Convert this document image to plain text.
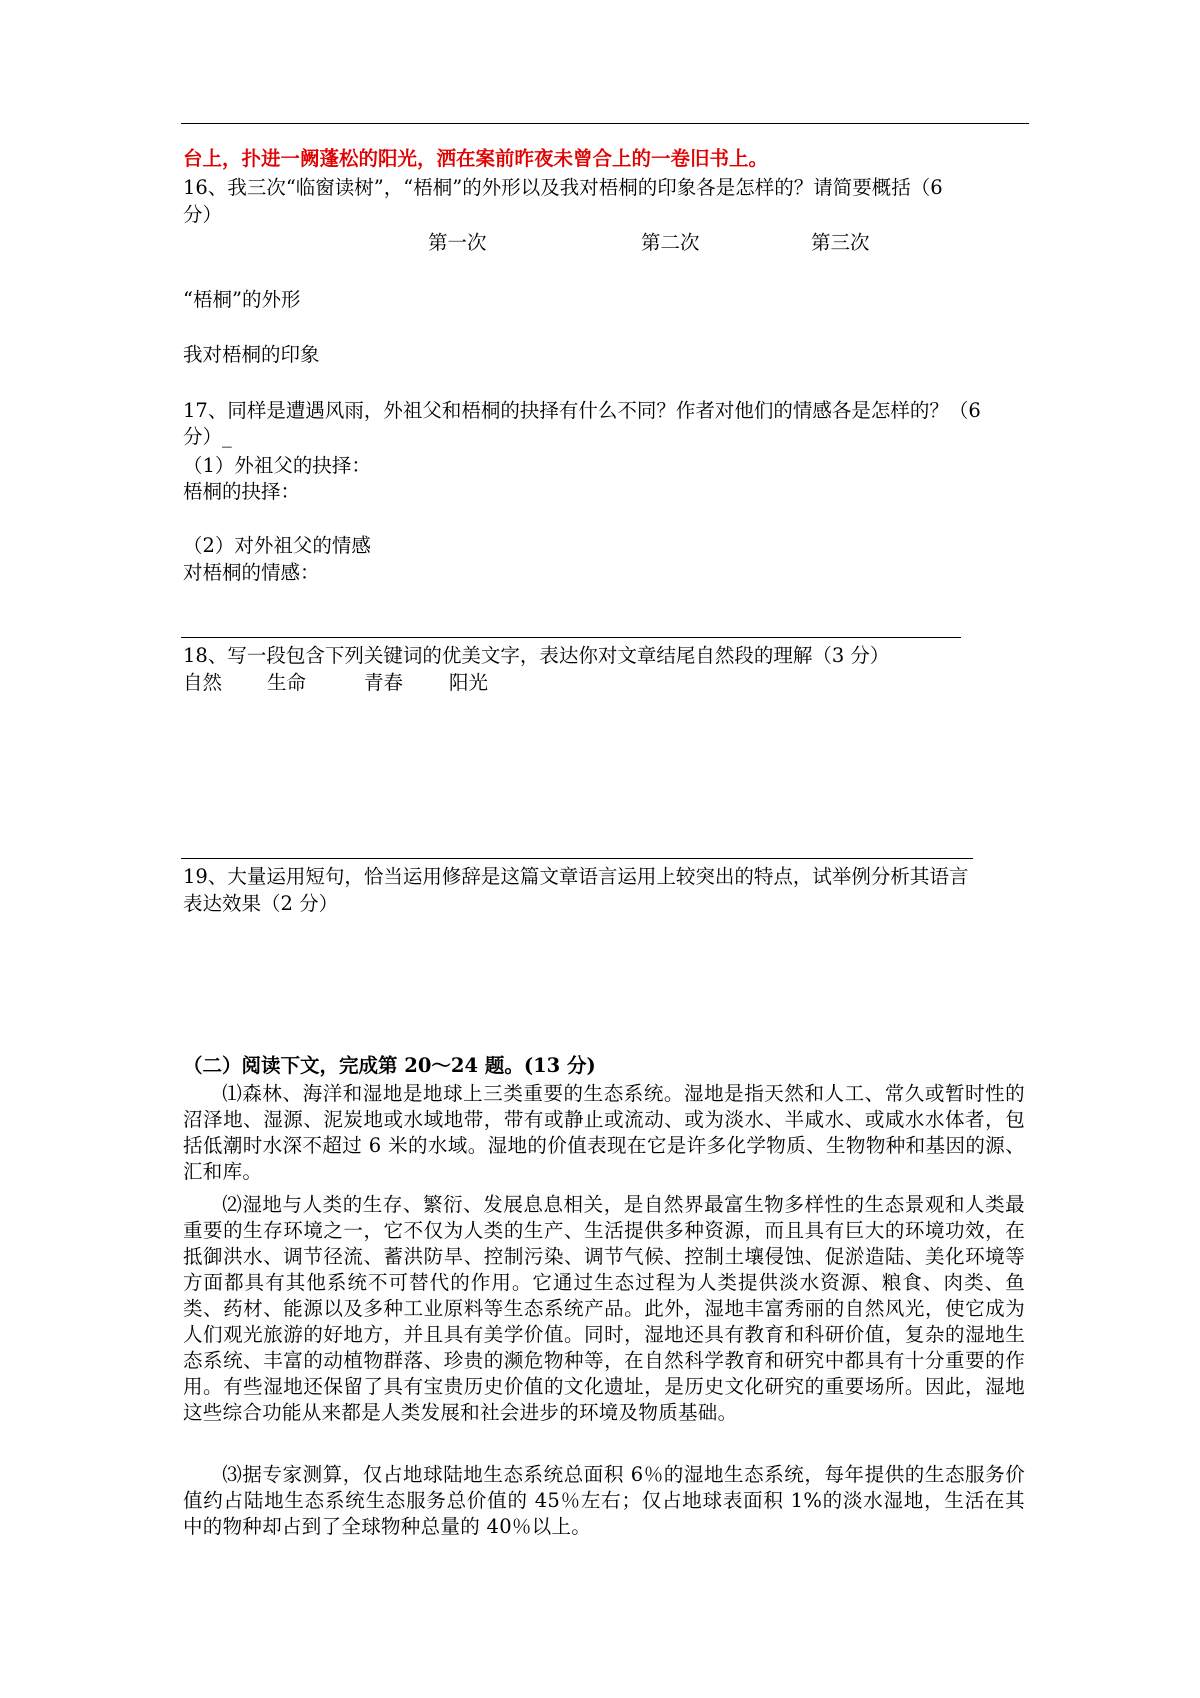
台上，扑进一阙蓬松的阳光，洒在案前昨夜未曾合上的一卷旧书上。
16、我三次“临窗读树”，“梧桐”的外形以及我对梧桐的印象各是怎样的？请简要概括（6
分）
第一次	第二次	第三次
“梧桐”的外形
我对梧桐的印象
17、同样是遭遇风雨，外祖父和梧桐的抉择有什么不同？作者对他们的情感各是怎样的？（6
分）_
（1）外祖父的抉择：
梧桐的抉择：
（2）对外祖父的情感
对梧桐的情感：
18、写一段包含下列关键词的优美文字，表达你对文章结尾自然段的理解（3 分）
自然 生命	青春 阳光
19、大量运用短句，恰当运用修辞是这篇文章语言运用上较突出的特点，试举例分析其语言
表达效果（2 分）
（二）阅读下文，完成第 20～24 题。(13 分)
⑴森林、海洋和湿地是地球上三类重要的生态系统。湿地是指天然和人工、常久或暂时性的沼泽地、湿源、泥炭地或水域地带，带有或静止或流动、或为淡水、半咸水、或咸水水体者，包括低潮时水深不超过 6 米的水域。湿地的价值表现在它是许多化学物质、生物物种和基因的源、汇和库。
⑵湿地与人类的生存、繁衍、发展息息相关，是自然界最富生物多样性的生态景观和人类最重要的生存环境之一，它不仅为人类的生产、生活提供多种资源，而且具有巨大的环境功效，在抵御洪水、调节径流、蓄洪防旱、控制污染、调节气候、控制土壤侵蚀、促淤造陆、美化环境等方面都具有其他系统不可替代的作用。它通过生态过程为人类提供淡水资源、粮食、肉类、鱼类、药材、能源以及多种工业原料等生态系统产品。此外，湿地丰富秀丽的自然风光，使它成为人们观光旅游的好地方，并且具有美学价值。同时，湿地还具有教育和科研价值，复杂的湿地生态系统、丰富的动植物群落、珍贵的濒危物种等，在自然科学教育和研究中都具有十分重要的作用。有些湿地还保留了具有宝贵历史价值的文化遗址，是历史文化研究的重要场所。因此，湿地这些综合功能从来都是人类发展和社会进步的环境及物质基础。
⑶据专家测算，仅占地球陆地生态系统总面积 6％的湿地生态系统，每年提供的生态服务价值约占陆地生态系统生态服务总价值的 45％左右；仅占地球表面积 1%的淡水湿地，生活在其中的物种却占到了全球物种总量的 40％以上。
